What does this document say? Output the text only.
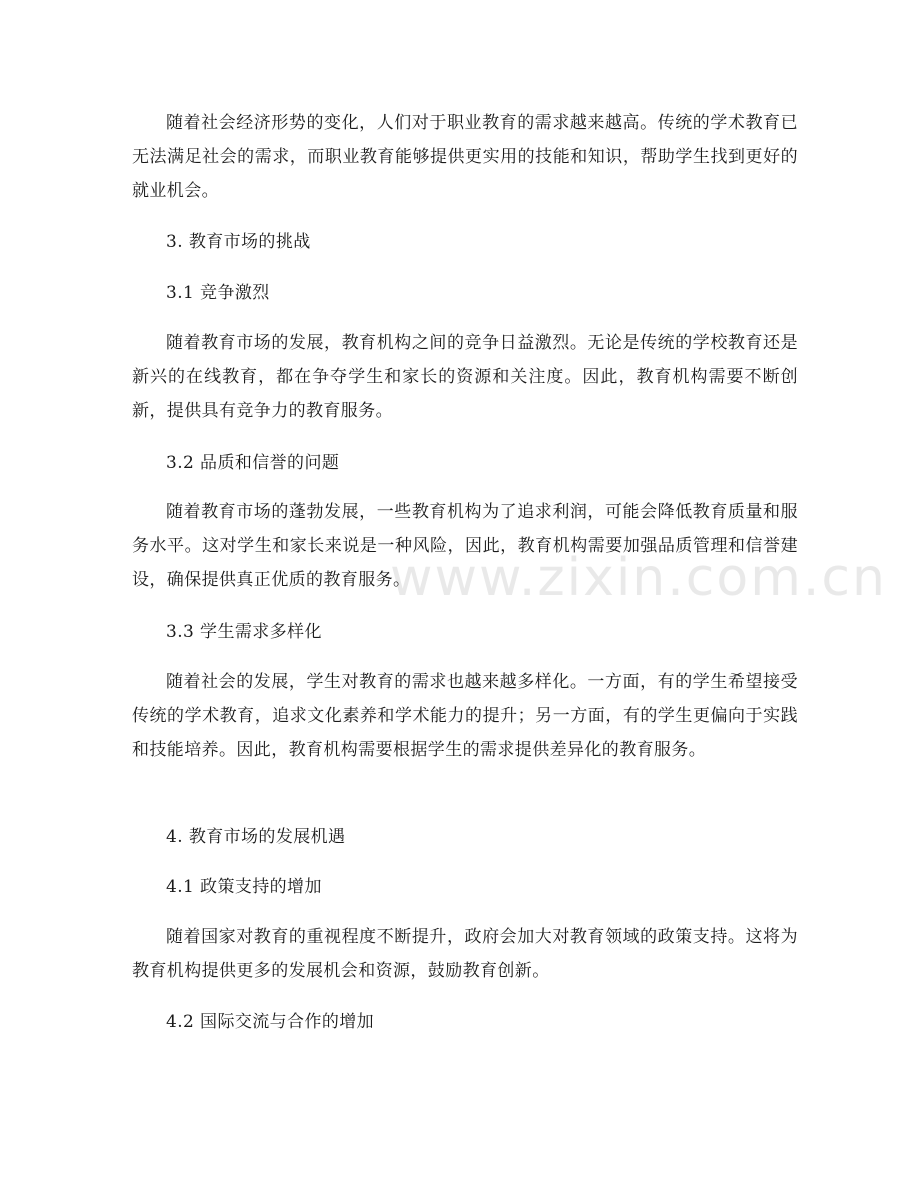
www.zixin.com.cn

随着社会经济形势的变化，人们对于职业教育的需求越来越高。传统的学术教育已无法满足社会的需求，而职业教育能够提供更实用的技能和知识，帮助学生找到更好的就业机会。

3. 教育市场的挑战

3.1 竞争激烈

随着教育市场的发展，教育机构之间的竞争日益激烈。无论是传统的学校教育还是新兴的在线教育，都在争夺学生和家长的资源和关注度。因此，教育机构需要不断创新，提供具有竞争力的教育服务。

3.2 品质和信誉的问题

随着教育市场的蓬勃发展，一些教育机构为了追求利润，可能会降低教育质量和服务水平。这对学生和家长来说是一种风险，因此，教育机构需要加强品质管理和信誉建设，确保提供真正优质的教育服务。

3.3 学生需求多样化

随着社会的发展，学生对教育的需求也越来越多样化。一方面，有的学生希望接受传统的学术教育，追求文化素养和学术能力的提升；另一方面，有的学生更偏向于实践和技能培养。因此，教育机构需要根据学生的需求提供差异化的教育服务。

4. 教育市场的发展机遇

4.1 政策支持的增加

随着国家对教育的重视程度不断提升，政府会加大对教育领域的政策支持。这将为教育机构提供更多的发展机会和资源，鼓励教育创新。

4.2 国际交流与合作的增加
